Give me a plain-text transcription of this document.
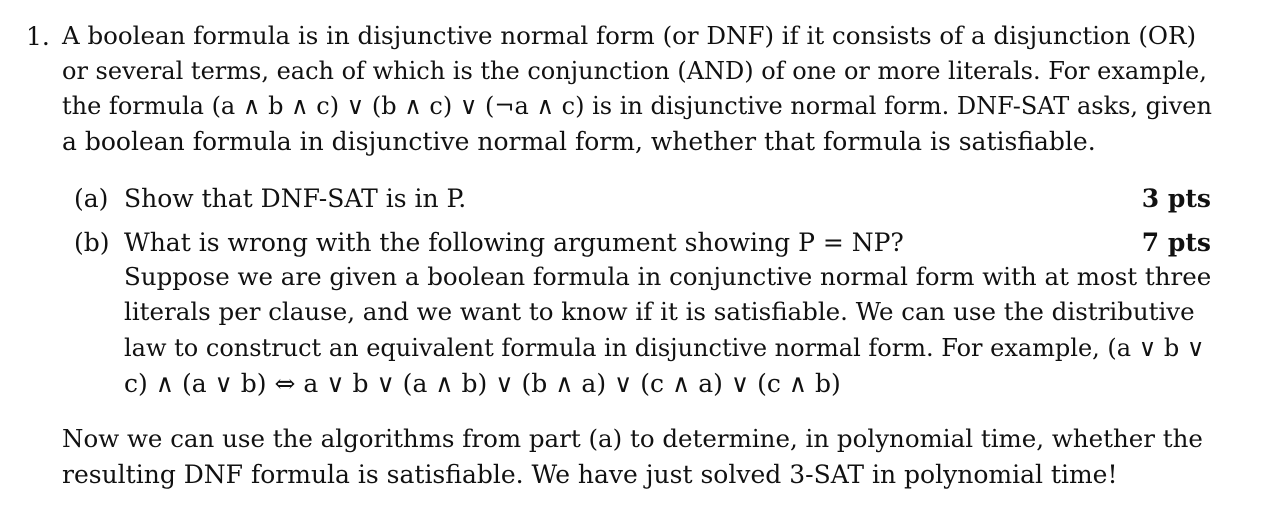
1. A boolean formula is in disjunctive normal form (or DNF) if it consists of a disjunction (OR)
or several terms, each of which is the conjunction (AND) of one or more literals. For example,
the formula (a ∧ b ∧ c) ∨ (b ∧ c) ∨ (¬a ∧ c) is in disjunctive normal form. DNF-SAT asks, given
a boolean formula in disjunctive normal form, whether that formula is satisfiable.
(a) Show that DNF-SAT is in P.	3 pts
(b) What is wrong with the following argument showing P = NP?	7 pts
Suppose we are given a boolean formula in conjunctive normal form with at most three
literals per clause, and we want to know if it is satisfiable. We can use the distributive
law to construct an equivalent formula in disjunctive normal form. For example, (a ∨ b ∨
c) ∧ (a ∨ b) ⇔ a ∨ b ∨ (a ∧ b) ∨ (b ∧ a) ∨ (c ∧ a) ∨ (c ∧ b)
Now we can use the algorithms from part (a) to determine, in polynomial time, whether the
resulting DNF formula is satisfiable. We have just solved 3-SAT in polynomial time!
